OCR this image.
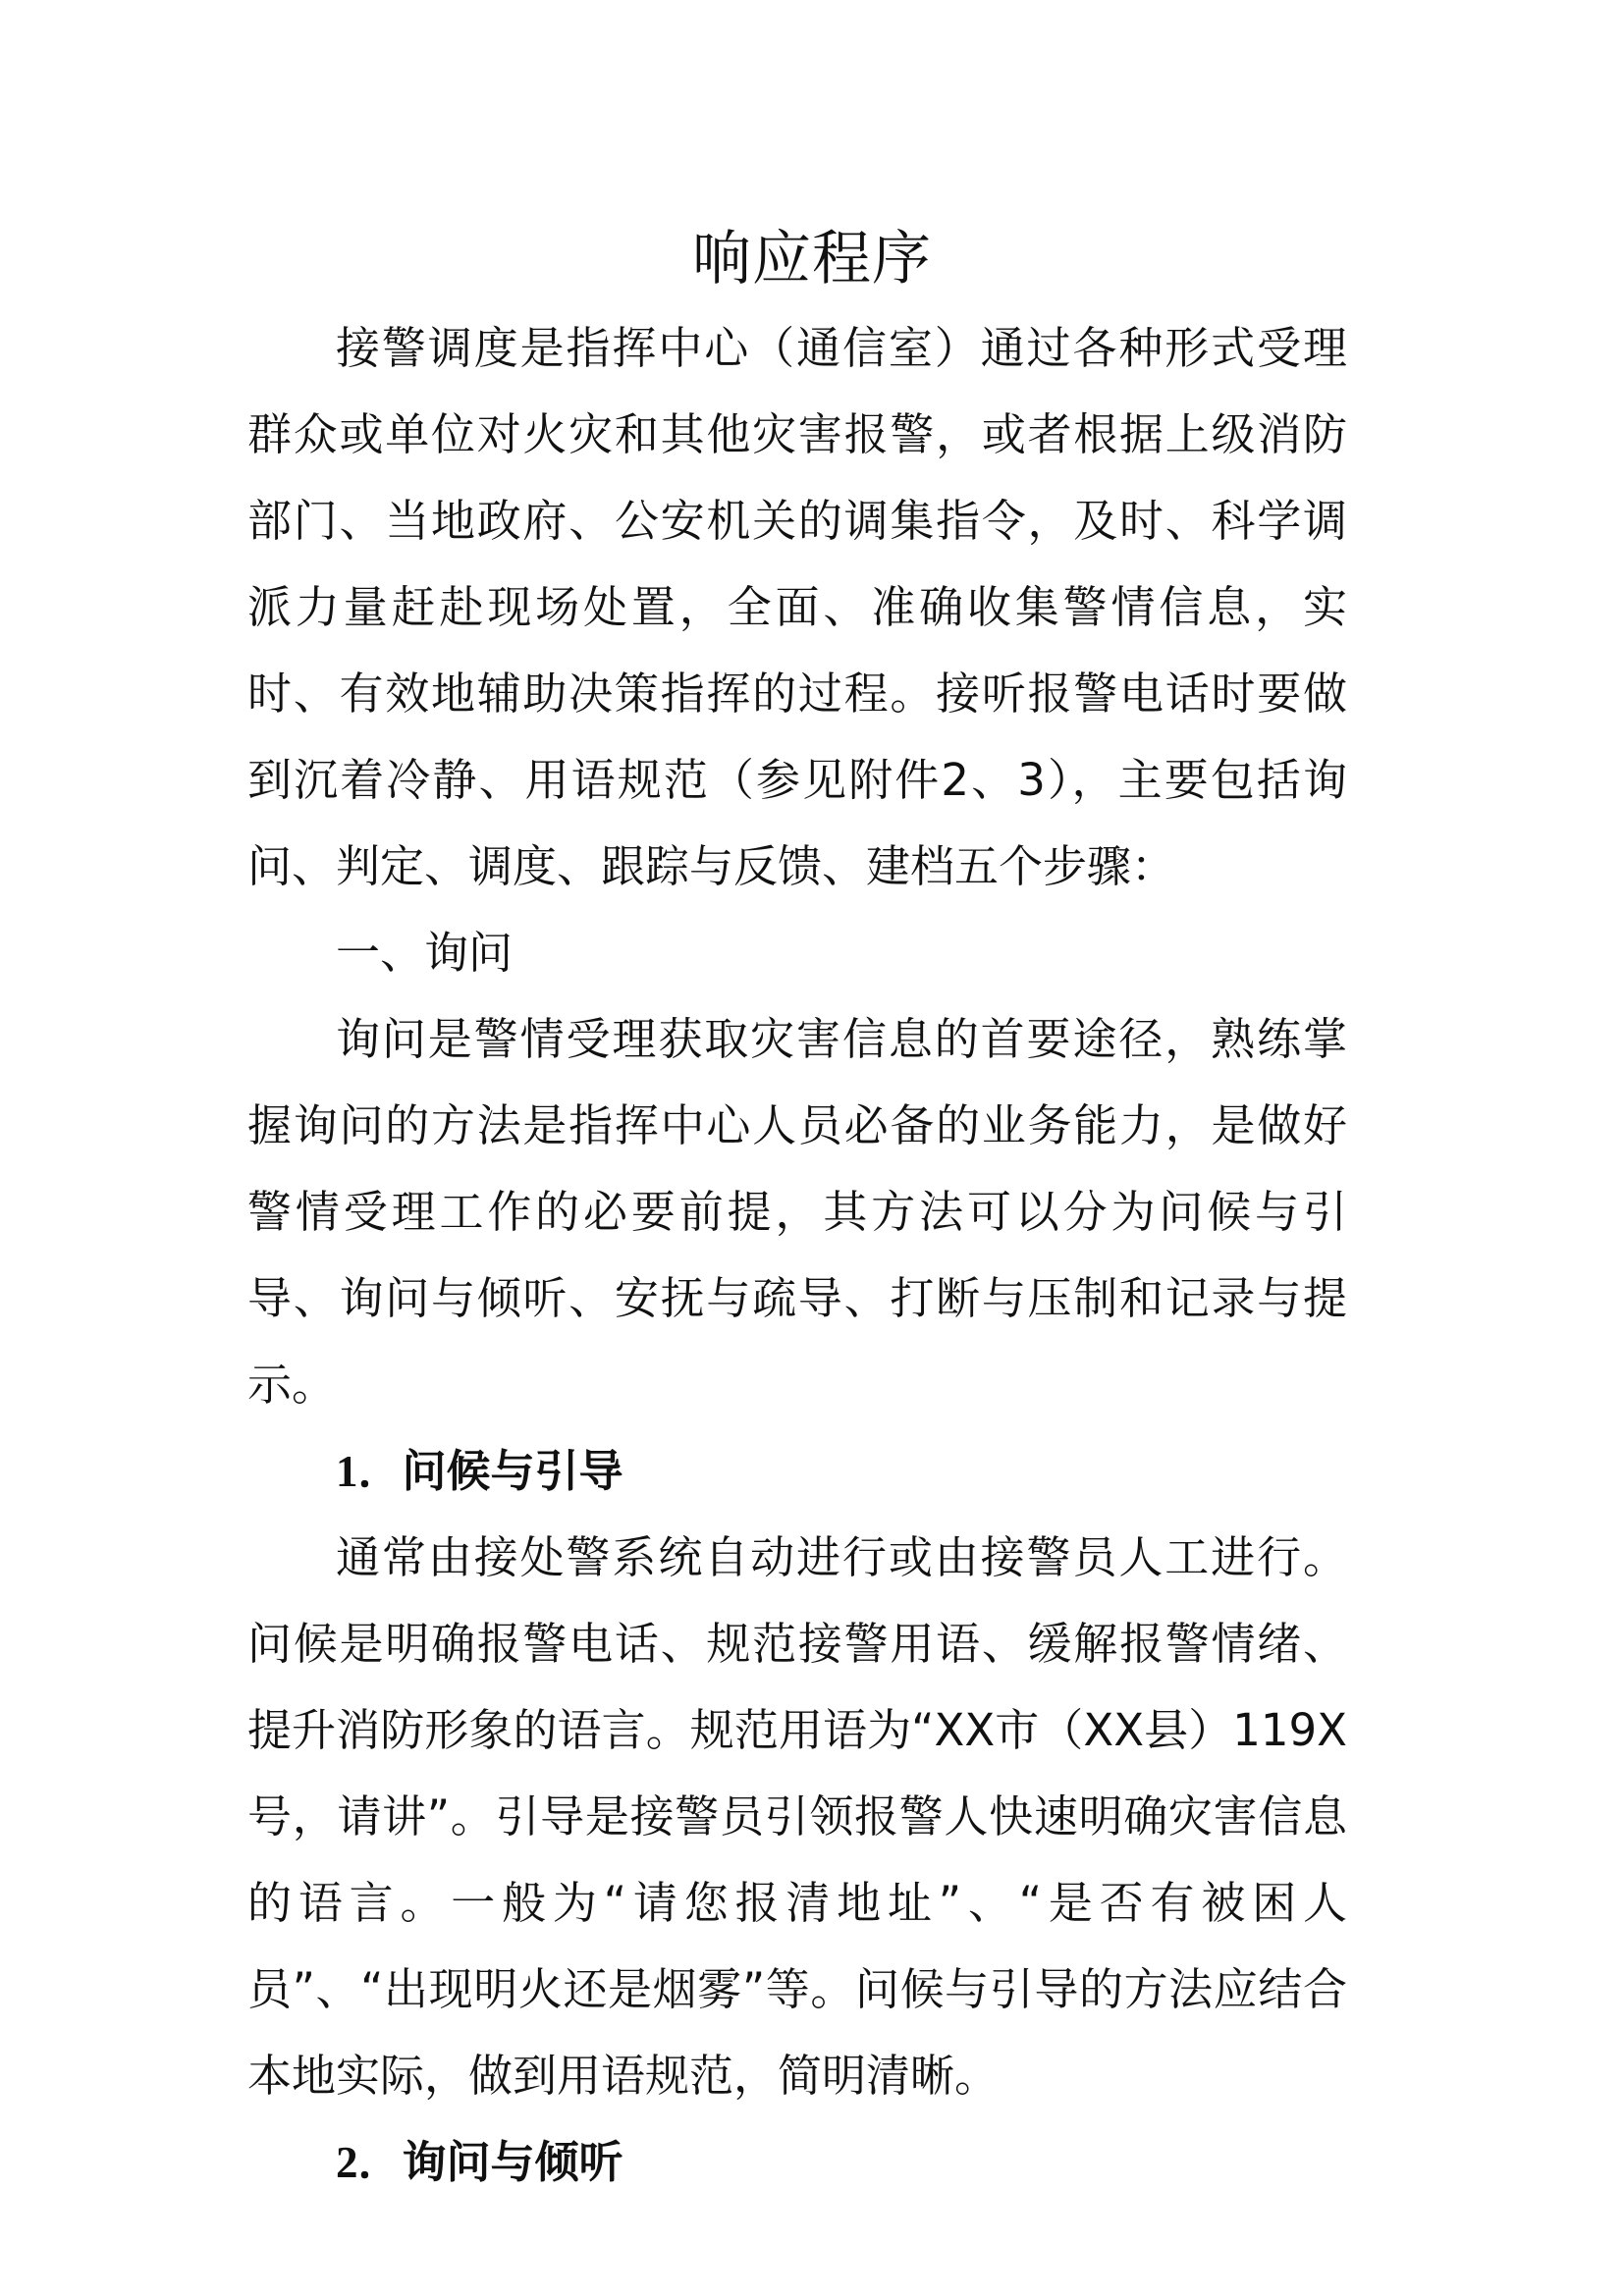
响应程序

接警调度是指挥中心（通信室）通过各种形式受理群众或单位对火灾和其他灾害报警，或者根据上级消防部门、当地政府、公安机关的调集指令，及时、科学调派力量赶赴现场处置，全面、准确收集警情信息，实时、有效地辅助决策指挥的过程。接听报警电话时要做到沉着冷静、用语规范（参见附件2、3），主要包括询问、判定、调度、跟踪与反馈、建档五个步骤：

一、询问

询问是警情受理获取灾害信息的首要途径，熟练掌握询问的方法是指挥中心人员必备的业务能力，是做好警情受理工作的必要前提，其方法可以分为问候与引导、询问与倾听、安抚与疏导、打断与压制和记录与提示。

1．问候与引导

通常由接处警系统自动进行或由接警员人工进行。问候是明确报警电话、规范接警用语、缓解报警情绪、提升消防形象的语言。规范用语为“XX市（XX县）119X号，请讲”。引导是接警员引领报警人快速明确灾害信息的语言。一般为“请您报清地址”、“是否有被困人员”、“出现明火还是烟雾”等。问候与引导的方法应结合本地实际，做到用语规范，简明清晰。

2．询问与倾听
